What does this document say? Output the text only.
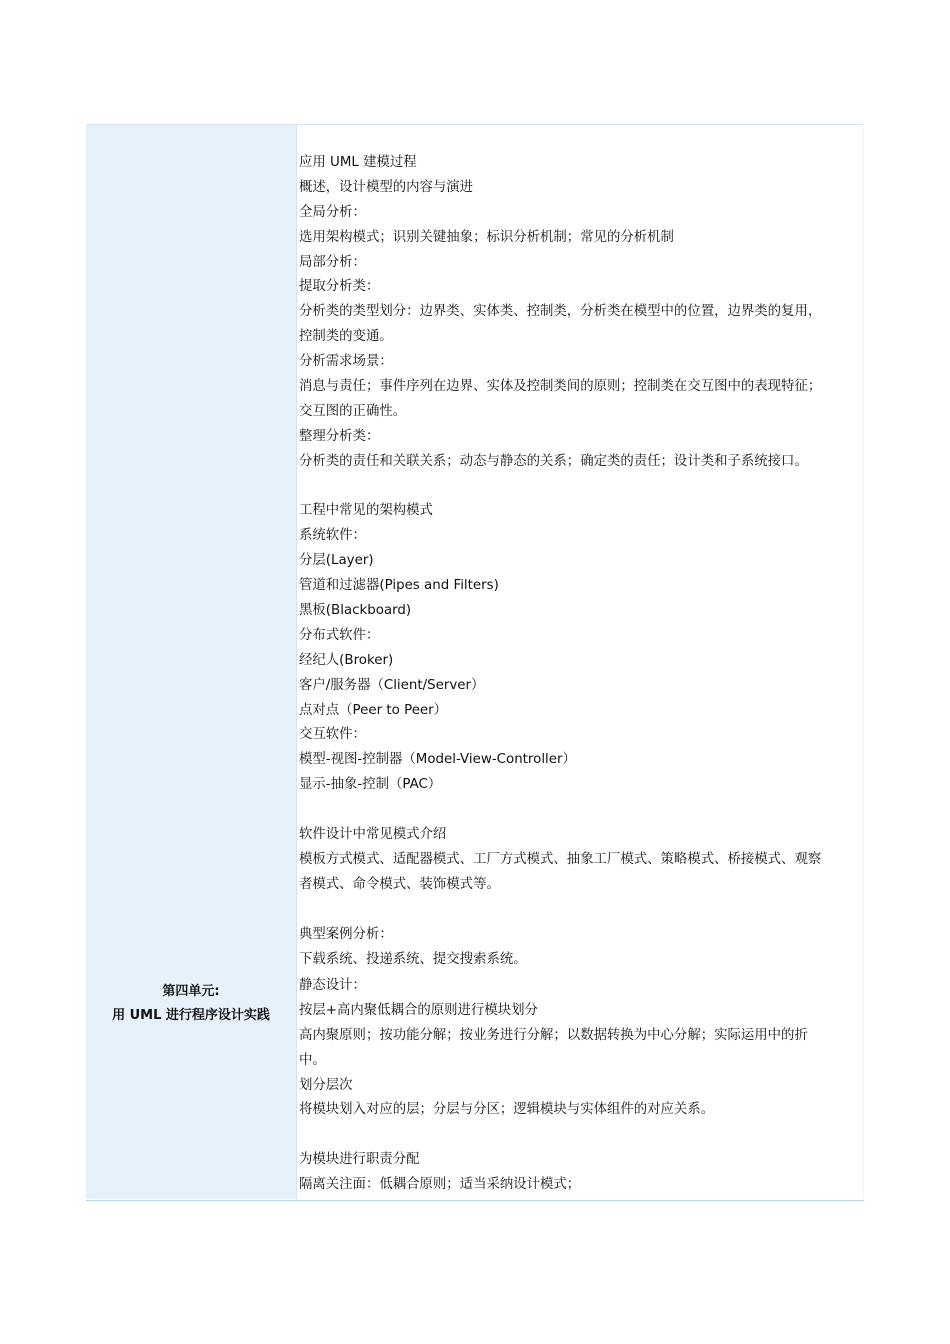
应用 UML 建模过程
概述，设计模型的内容与演进
全局分析：
选用架构模式；识别关键抽象；标识分析机制；常见的分析机制
局部分析：
提取分析类：
分析类的类型划分：边界类、实体类、控制类，分析类在模型中的位置，边界类的复用，
控制类的变通。
分析需求场景：
消息与责任；事件序列在边界、实体及控制类间的原则；控制类在交互图中的表现特征；
交互图的正确性。
整理分析类：
分析类的责任和关联关系；动态与静态的关系；确定类的责任；设计类和子系统接口。
工程中常见的架构模式
系统软件：
分层(Layer)
管道和过滤器(Pipes and Filters)
黑板(Blackboard)
分布式软件：
经纪人(Broker)
客户/服务器（Client/Server）
点对点（Peer to Peer）
交互软件：
模型-视图-控制器（Model-View-Controller）
显示-抽象-控制（PAC）
软件设计中常见模式介绍
模板方式模式、适配器模式、工厂方式模式、抽象工厂模式、策略模式、桥接模式、观察
者模式、命令模式、装饰模式等。
典型案例分析：
下载系统、投递系统、提交搜索系统。
第四单元:
用 UML 进行程序设计实践
静态设计：
按层+高内聚低耦合的原则进行模块划分
高内聚原则；按功能分解；按业务进行分解；以数据转换为中心分解；实际运用中的折
中。
划分层次
将模块划入对应的层；分层与分区；逻辑模块与实体组件的对应关系。
为模块进行职责分配
隔离关注面：低耦合原则；适当采纳设计模式；
